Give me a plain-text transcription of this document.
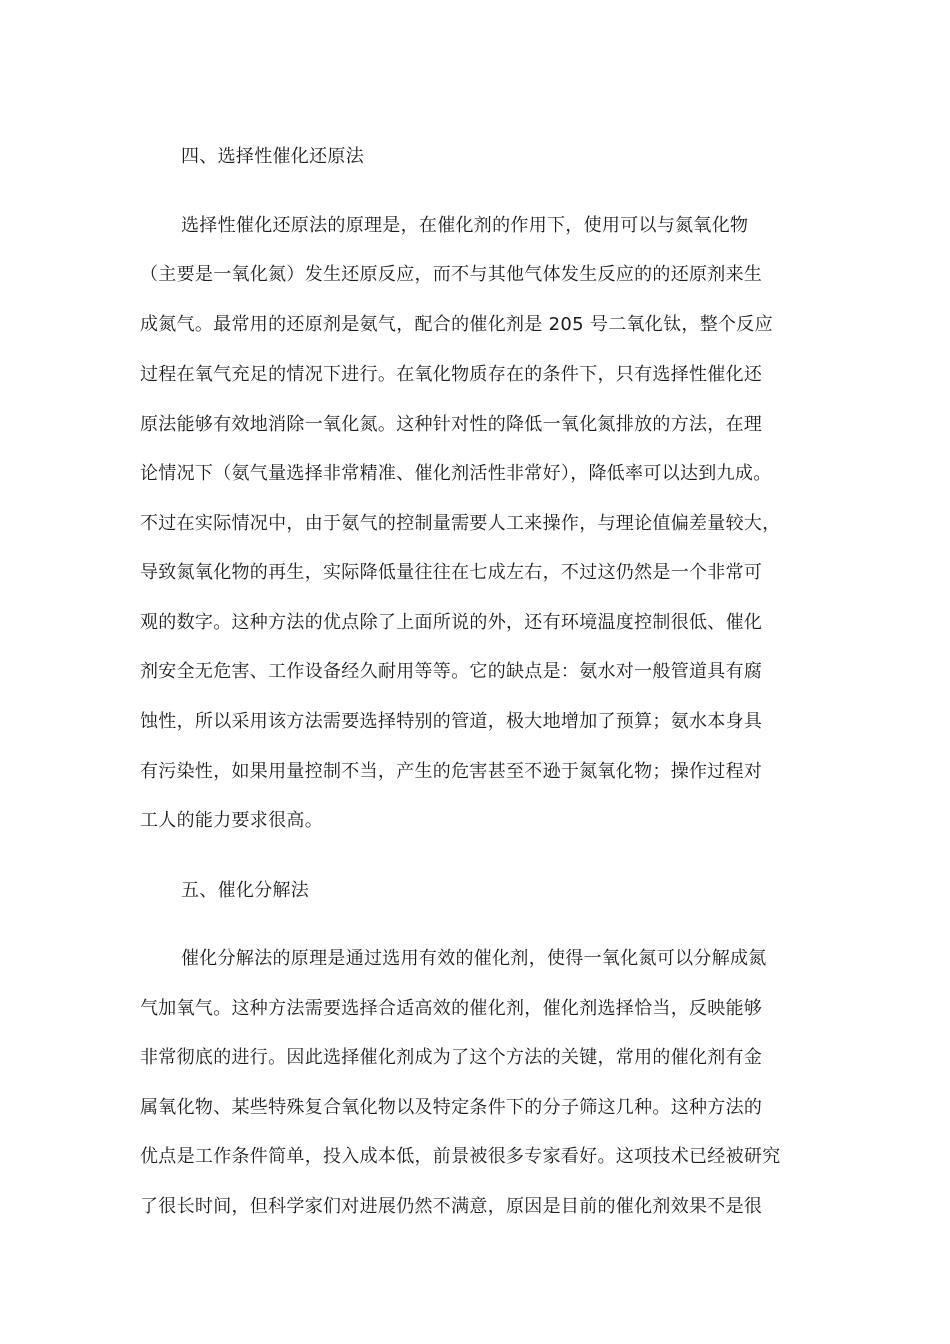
四、选择性催化还原法
选择性催化还原法的原理是，在催化剂的作用下，使用可以与氮氧化物
（主要是一氧化氮）发生还原反应，而不与其他气体发生反应的的还原剂来生
成氮气。最常用的还原剂是氨气，配合的催化剂是 205 号二氧化钛，整个反应
过程在氧气充足的情况下进行。在氧化物质存在的条件下，只有选择性催化还
原法能够有效地消除一氧化氮。这种针对性的降低一氧化氮排放的方法，在理
论情况下（氨气量选择非常精准、催化剂活性非常好），降低率可以达到九成。
不过在实际情况中，由于氨气的控制量需要人工来操作，与理论值偏差量较大，
导致氮氧化物的再生，实际降低量往往在七成左右，不过这仍然是一个非常可
观的数字。这种方法的优点除了上面所说的外，还有环境温度控制很低、催化
剂安全无危害、工作设备经久耐用等等。它的缺点是：氨水对一般管道具有腐
蚀性，所以采用该方法需要选择特别的管道，极大地增加了预算；氨水本身具
有污染性，如果用量控制不当，产生的危害甚至不逊于氮氧化物；操作过程对
工人的能力要求很高。
五、催化分解法
催化分解法的原理是通过选用有效的催化剂，使得一氧化氮可以分解成氮
气加氧气。这种方法需要选择合适高效的催化剂，催化剂选择恰当，反映能够
非常彻底的进行。因此选择催化剂成为了这个方法的关键，常用的催化剂有金
属氧化物、某些特殊复合氧化物以及特定条件下的分子筛这几种。这种方法的
优点是工作条件简单，投入成本低，前景被很多专家看好。这项技术已经被研究
了很长时间，但科学家们对进展仍然不满意，原因是目前的催化剂效果不是很
